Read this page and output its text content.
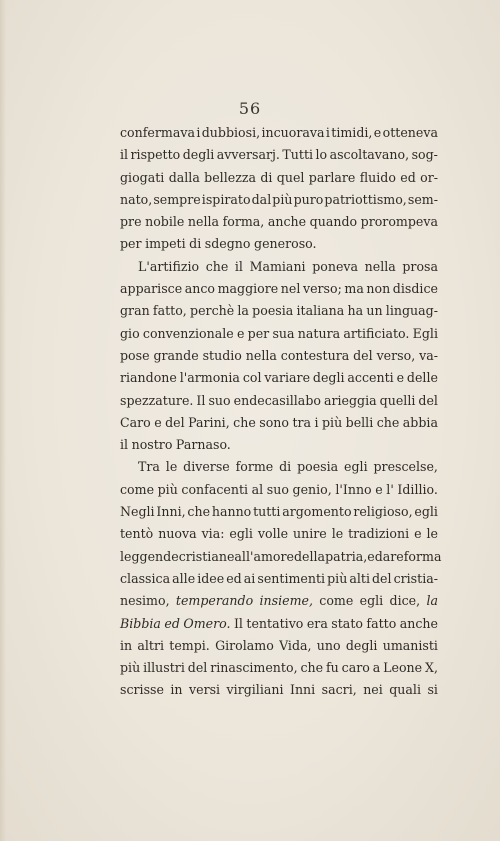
56
confermava i dubbiosi, incuorava i timidi, e otteneva
il rispetto degli avversarj. Tutti lo ascoltavano, sog-
giogati dalla bellezza di quel parlare fluido ed or-
nato, sempre ispirato dal più puro patriottismo, sem-
pre nobile nella forma, anche quando prorompeva
per impeti di sdegno generoso.
L'artifizio che il Mamiani poneva nella prosa
apparisce anco maggiore nel verso; ma non disdice
gran fatto, perchè la poesia italiana ha un linguag-
gio convenzionale e per sua natura artificiato. Egli
pose grande studio nella contestura del verso, va-
riandone l'armonia col variare degli accenti e delle
spezzature. Il suo endecasillabo arieggia quelli del
Caro e del Parini, che sono tra i più belli che abbia
il nostro Parnaso.
Tra le diverse forme di poesia egli prescelse,
come più confacenti al suo genio, l'Inno e l' Idillio.
Negli Inni, che hanno tutti argomento religioso, egli
tentò nuova via: egli volle unire le tradizioni e le
leggende cristiane all'amore della patria, e dare forma
classica alle idee ed ai sentimenti più alti del cristia-
nesimo, temperando insieme, come egli dice, la
Bibbia ed Omero. Il tentativo era stato fatto anche
in altri tempi. Girolamo Vida, uno degli umanisti
più illustri del rinascimento, che fu caro a Leone X,
scrisse in versi virgiliani Inni sacri, nei quali si
